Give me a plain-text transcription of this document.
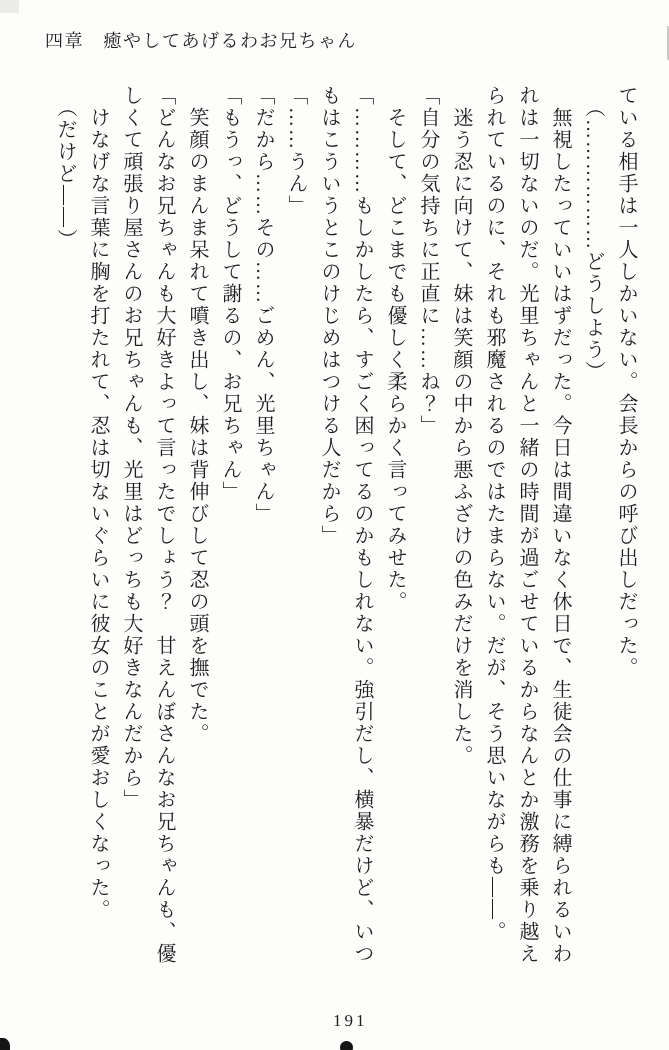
四章　癒やしてあげるわお兄ちゃん
ている相手は一人しかいない。会長からの呼び出しだった。
　（………………どうしよう）
　無視したっていいはずだった。今日は間違いなく休日で、生徒会の仕事に縛られるいわ
れは一切ないのだ。光里ちゃんと一緒の時間が過ごせているからなんとか激務を乗り越え
られているのに、それも邪魔されるのではたまらない。だが、そう思いながらも——。
　迷う忍に向けて、妹は笑顔の中から悪ふざけの色みだけを消した。
「自分の気持ちに正直に……ね？」
　そして、どこまでも優しく柔らかく言ってみせた。
「…………もしかしたら、すごく困ってるのかもしれない。強引だし、横暴だけど、いつ
もはこういうとこのけじめはつける人だから」
「……うん」
「だから……その……ごめん、光里ちゃん」
「もうっ、どうして謝るの、お兄ちゃん」
　笑顔のまんま呆れて噴き出し、妹は背伸びして忍の頭を撫でた。
「どんなお兄ちゃんも大好きよって言ったでしょう？　甘えんぼさんなお兄ちゃんも、優
しくて頑張り屋さんのお兄ちゃんも、光里はどっちも大好きなんだから」
　けなげな言葉に胸を打たれて、忍は切ないぐらいに彼女のことが愛おしくなった。
　（だけど——）
191
